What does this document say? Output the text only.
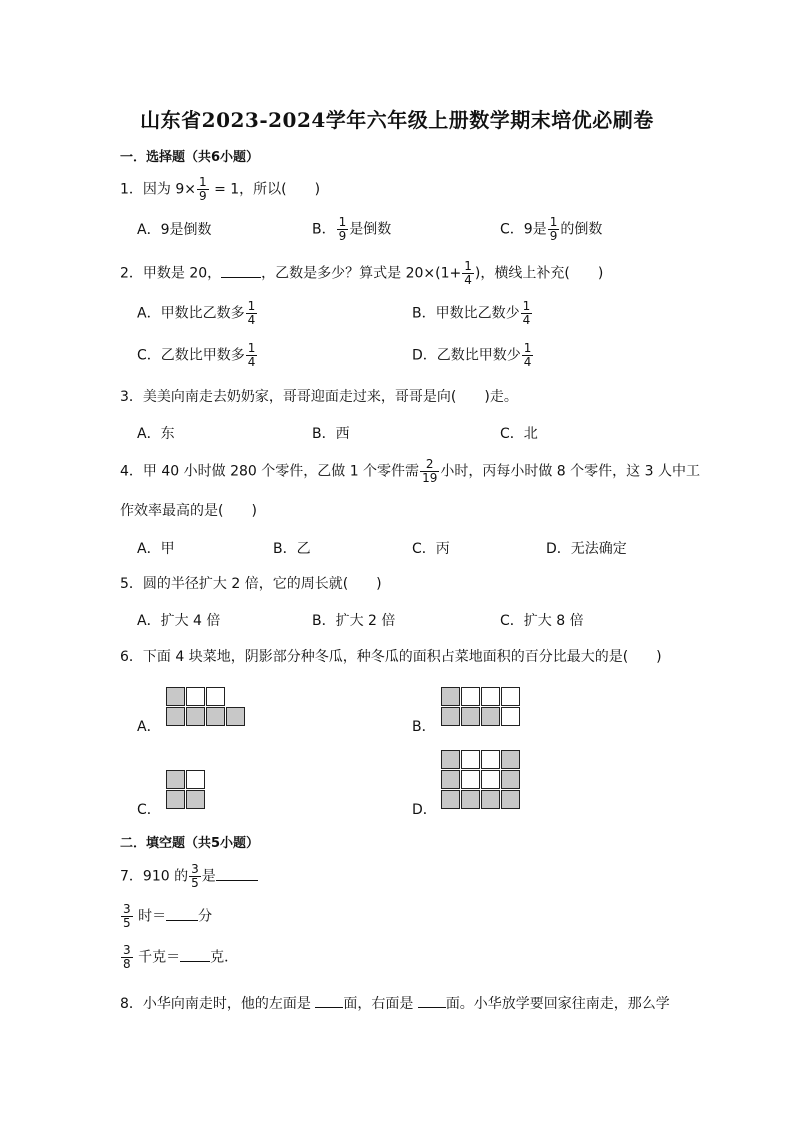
山东省2023-2024学年六年级上册数学期末培优必刷卷
一．选择题（共6小题）
1．因为 $9\times \frac{1}{9} = 1$，所以(　　)
A．9是倒数	B． $\frac{1}{9}$ 是倒数	C．9是 $\frac{1}{9}$ 的倒数
2．甲数是 20，	，乙数是多少？算式是 $20\times(1+ \frac{1}{4}$ )，横线上补充(　　)
A．甲数比乙数多 $\frac{1}{4}$	B．甲数比乙数少 $\frac{1}{4}$
C．乙数比甲数多 $\frac{1}{4}$	D．乙数比甲数少 $\frac{1}{4}$
3．美美向南走去奶奶家，哥哥迎面走过来，哥哥是向(　　)走。
A．东	B．西	C．北
4．甲 40 小时做 280 个零件，乙做 1 个零件需 $\frac{2}{19}$ 小时，丙每小时做 8 个零件，这 3 人中工
作效率最高的是(　　)
A．甲	B．乙	C．丙	D．无法确定
5．圆的半径扩大 2 倍，它的周长就(　　)
A．扩大 4 倍	B．扩大 2 倍	C．扩大 8 倍
6．下面 4 块菜地，阴影部分种冬瓜，种冬瓜的面积占菜地面积的百分比最大的是(　　)
A．	B．
C．	D．
二．填空题（共5小题）
7．910 的 $\frac{3}{5}$ 是
$\frac{3}{5}$ 时＝ 分
$\frac{3}{8}$ 千克＝ 克．
8．小华向南走时，他的左面是 面，右面是 面。小华放学要回家往南走，那么学
